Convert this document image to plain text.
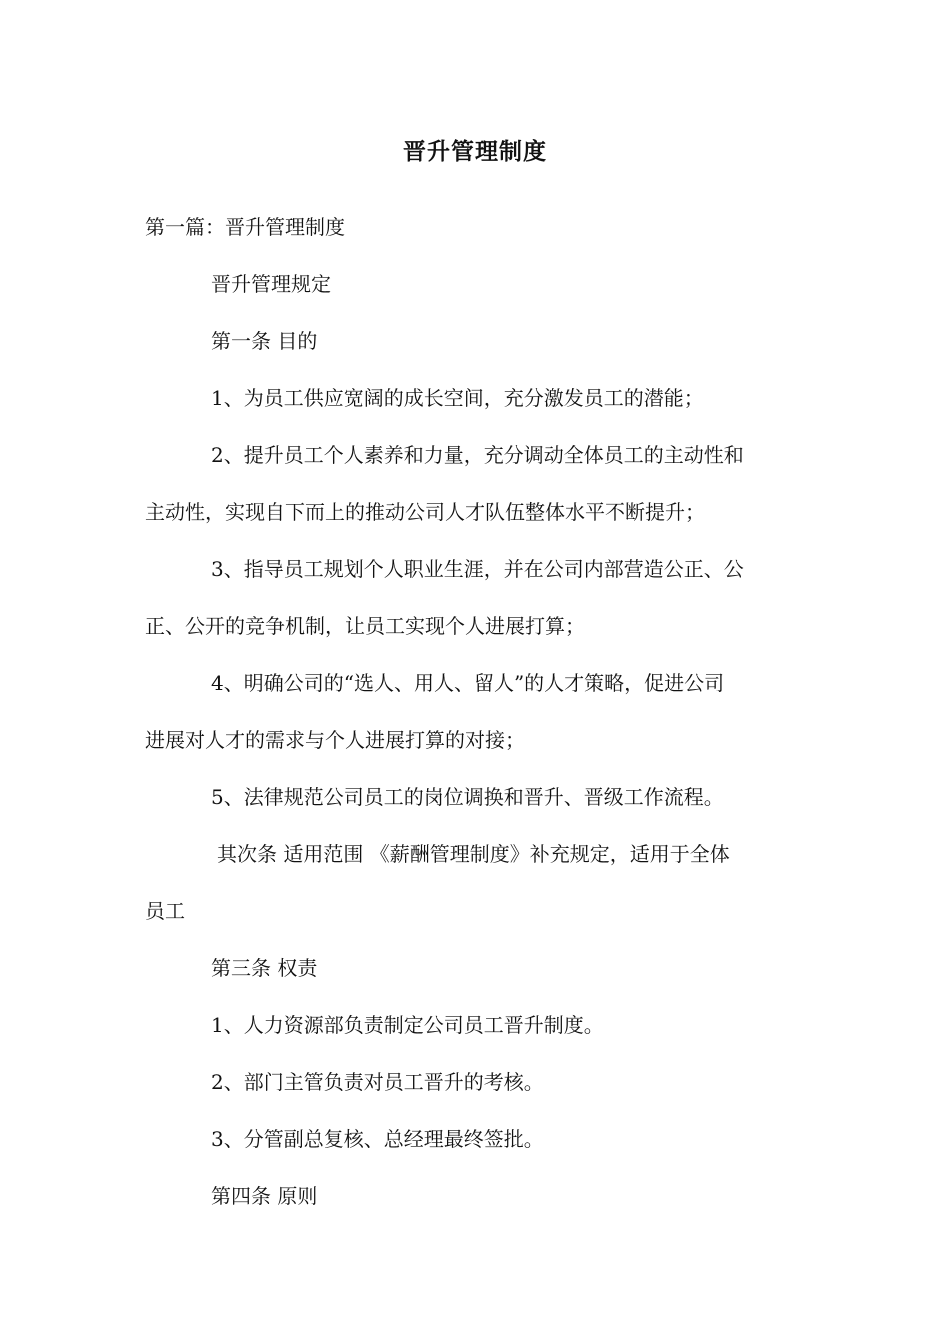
晋升管理制度

第一篇：晋升管理制度

晋升管理规定

第一条 目的

1、为员工供应宽阔的成长空间，充分激发员工的潜能；

2、提升员工个人素养和力量，充分调动全体员工的主动性和

主动性，实现自下而上的推动公司人才队伍整体水平不断提升；

3、指导员工规划个人职业生涯，并在公司内部营造公正、公

正、公开的竞争机制，让员工实现个人进展打算；

4、明确公司的“选人、用人、留人”的人才策略，促进公司

进展对人才的需求与个人进展打算的对接；

5、法律规范公司员工的岗位调换和晋升、晋级工作流程。

其次条 适用范围 《薪酬管理制度》补充规定，适用于全体

员工

第三条 权责

1、人力资源部负责制定公司员工晋升制度。

2、部门主管负责对员工晋升的考核。

3、分管副总复核、总经理最终签批。

第四条 原则
